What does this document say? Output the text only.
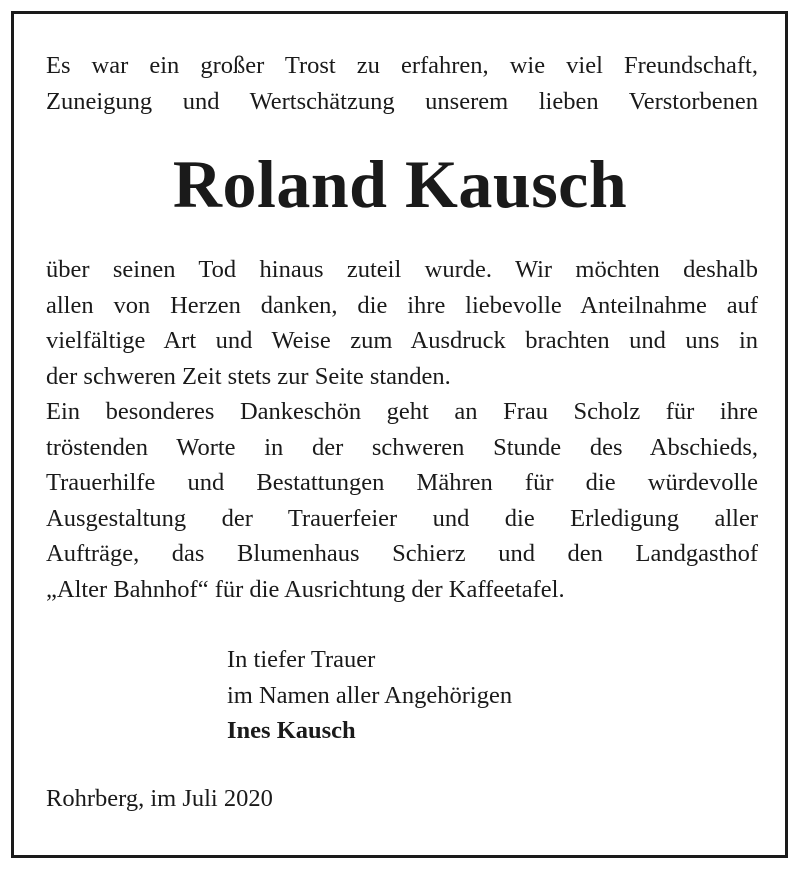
Es war ein großer Trost zu erfahren, wie viel Freundschaft,
Zuneigung und Wertschätzung unserem lieben Verstorbenen
Roland Kausch
über seinen Tod hinaus zuteil wurde. Wir möchten deshalb
allen von Herzen danken, die ihre liebevolle Anteilnahme auf
vielfältige Art und Weise zum Ausdruck brachten und uns in
der schweren Zeit stets zur Seite standen.
Ein besonderes Dankeschön geht an Frau Scholz für ihre
tröstenden Worte in der schweren Stunde des Abschieds,
Trauerhilfe und Bestattungen Mähren für die würdevolle
Ausgestaltung der Trauerfeier und die Erledigung aller
Aufträge, das Blumenhaus Schierz und den Landgasthof
„Alter Bahnhof“ für die Ausrichtung der Kaffeetafel.
In tiefer Trauer
im Namen aller Angehörigen
Ines Kausch
Rohrberg, im Juli 2020
